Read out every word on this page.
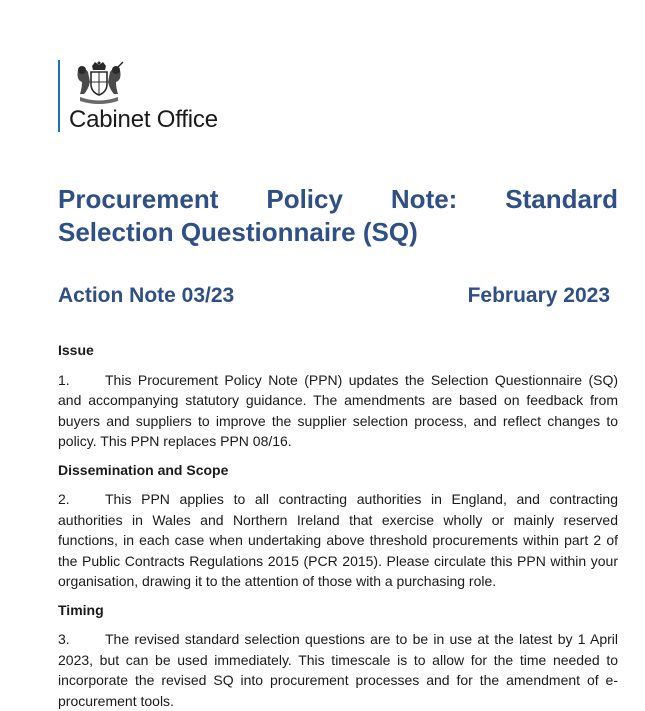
Cabinet Office
Procurement Policy Note: Standard
Selection Questionnaire (SQ)
Action Note 03/23	February 2023

Issue

1.	This Procurement Policy Note (PPN) updates the Selection Questionnaire (SQ) and accompanying statutory guidance. The amendments are based on feedback from buyers and suppliers to improve the supplier selection process, and reflect changes to policy. This PPN replaces PPN 08/16.

Dissemination and Scope

2.	This PPN applies to all contracting authorities in England, and contracting authorities in Wales and Northern Ireland that exercise wholly or mainly reserved functions, in each case when undertaking above threshold procurements within part 2 of the Public Contracts Regulations 2015 (PCR 2015). Please circulate this PPN within your organisation, drawing it to the attention of those with a purchasing role.

Timing

3.	The revised standard selection questions are to be in use at the latest by 1 April 2023, but can be used immediately. This timescale is to allow for the time needed to incorporate the revised SQ into procurement processes and for the amendment of e-procurement tools.
